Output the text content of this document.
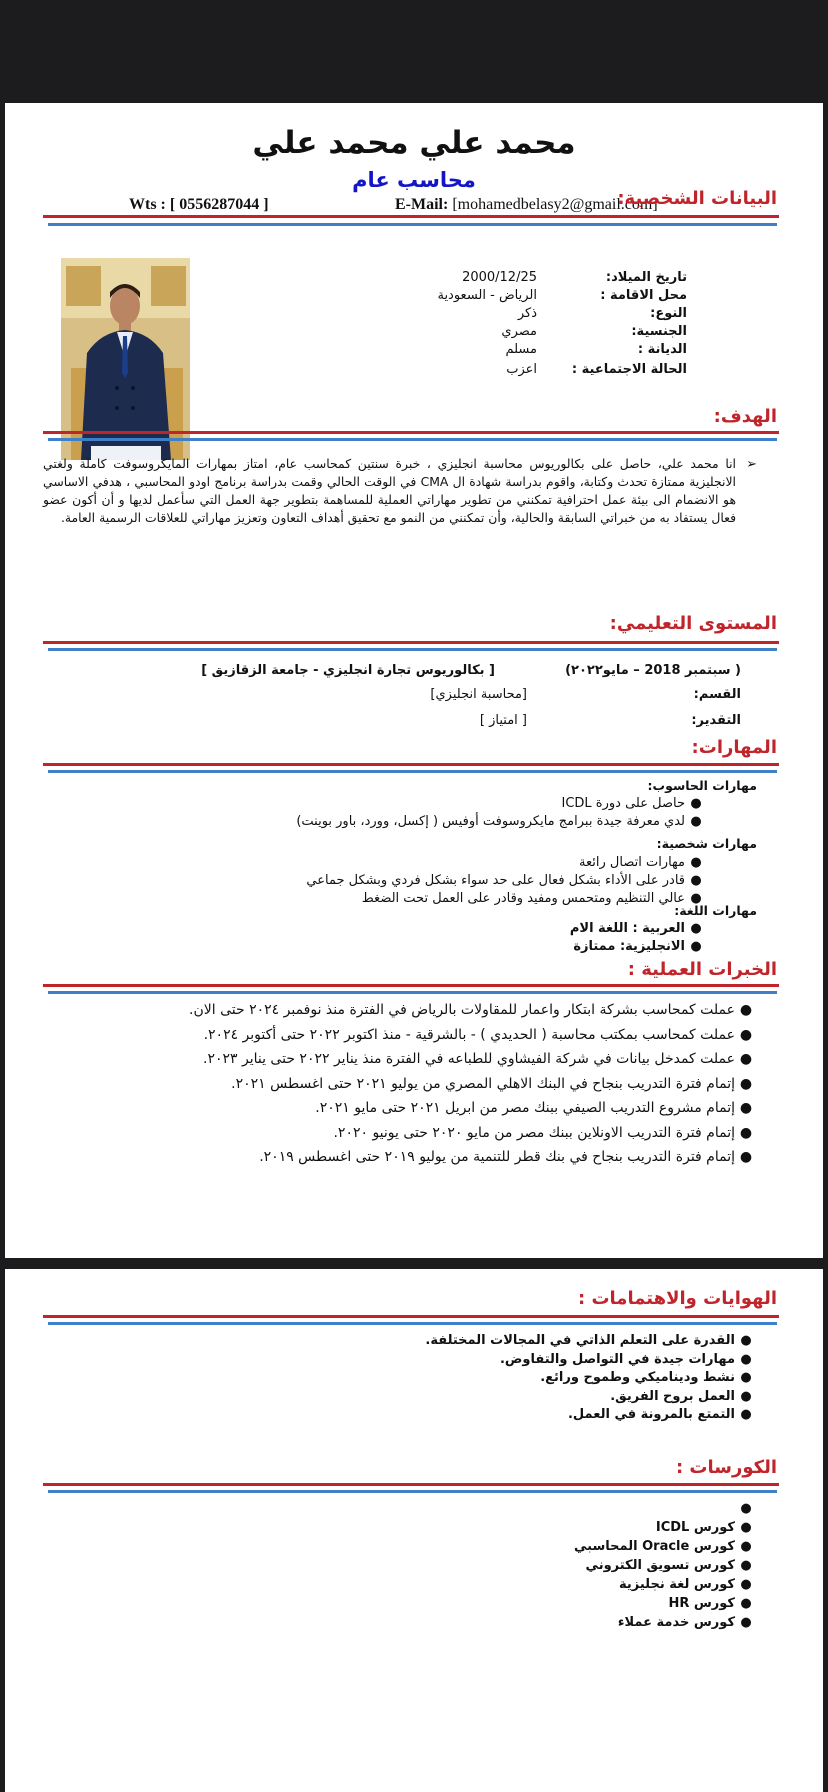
محمد علي محمد علي
محاسب عام
Wts : [ 0556287044 ]	E-Mail: [mohamedbelasy2@gmail.com]
البيانات الشخصية:
تاريخ الميلاد:
2000/12/25
محل الاقامة :
الرياض - السعودية
النوع:
ذكر
الجنسية:
مصري
الديانة :
مسلم
الحالة الاجتماعية :
اعزب
الهدف:
➢
انا محمد علي، حاصل على بكالوريوس محاسبة انجليزي ، خبرة سنتين كمحاسب عام، امتاز بمهارات المايكروسوفت كاملة ولغتي الانجليزية ممتازة تحدث وكتابة، واقوم بدراسة شهادة ال CMA في الوقت الحالي وقمت بدراسة برنامج اودو المحاسبي ، هدفي الاساسي هو الانضمام الى بيئة عمل احترافية تمكنني من تطوير مهاراتي العملية للمساهمة بتطوير جهة العمل التي سأعمل لديها و أن أكون عضو فعال يستفاد به من خبراتي السابقة والحالية، وأن تمكنني من النمو مع تحقيق أهداف التعاون وتعزيز مهاراتي للعلاقات الرسمية العامة.
المستوى التعليمي:
( سبتمبر 2018 – مايو٢٠٢٢)
[ بكالوريوس تجارة انجليزي - جامعة الزقازيق ]
القسم:
[محاسبة انجليزي]
التقدير:
[ امتياز ]
المهارات:
مهارات الحاسوب:
●حاصل على دورة ICDL
●لدي معرفة جيدة ببرامج مايكروسوفت أوفيس ( إكسل، وورد، باور بوينت)
مهارات شخصية:
●مهارات اتصال رائعة
●قادر على الأداء بشكل فعال على حد سواء بشكل فردي وبشكل جماعي
●عالي التنظيم ومتحمس ومفيد وقادر على العمل تحت الضغط
مهارات اللغة:
●العربية : اللغة الام
●الانجليزية: ممتازة
الخبرات العملية :
●عملت كمحاسب بشركة ابتكار واعمار للمقاولات بالرياض في الفترة منذ نوفمبر ٢٠٢٤ حتى الان.
●عملت كمحاسب بمكتب محاسبة ( الحديدي ) - بالشرقية - منذ اكتوبر ٢٠٢٢ حتى أكتوبر ٢٠٢٤.
●عملت كمدخل بيانات في شركة الفيشاوي للطباعه في الفترة منذ يناير ٢٠٢٢ حتى يناير ٢٠٢٣.
●إتمام فترة التدريب بنجاح في البنك الاهلي المصري من يوليو ٢٠٢١ حتى اغسطس ٢٠٢١.
●إتمام مشروع التدريب الصيفي ببنك مصر من ابريل ٢٠٢١ حتى مايو ٢٠٢١.
●إتمام فترة التدريب الاونلاين ببنك مصر من مايو ٢٠٢٠ حتى يونيو ٢٠٢٠.
●إتمام فترة التدريب بنجاح في بنك قطر للتنمية من يوليو ٢٠١٩ حتى اغسطس ٢٠١٩.
الهوايات والاهتمامات :
●القدرة على التعلم الذاتي في المجالات المختلفة.
●مهارات جيدة في التواصل والتفاوض.
●نشط وديناميكي وطموح ورائع.
●العمل بروح الفريق.
●التمتع بالمرونة في العمل.
الكورسات :
●
●كورس ICDL
●كورس Oracle المحاسبي
●كورس تسويق الكتروني
●كورس لغة نجليزية
●كورس HR
●كورس خدمة عملاء
